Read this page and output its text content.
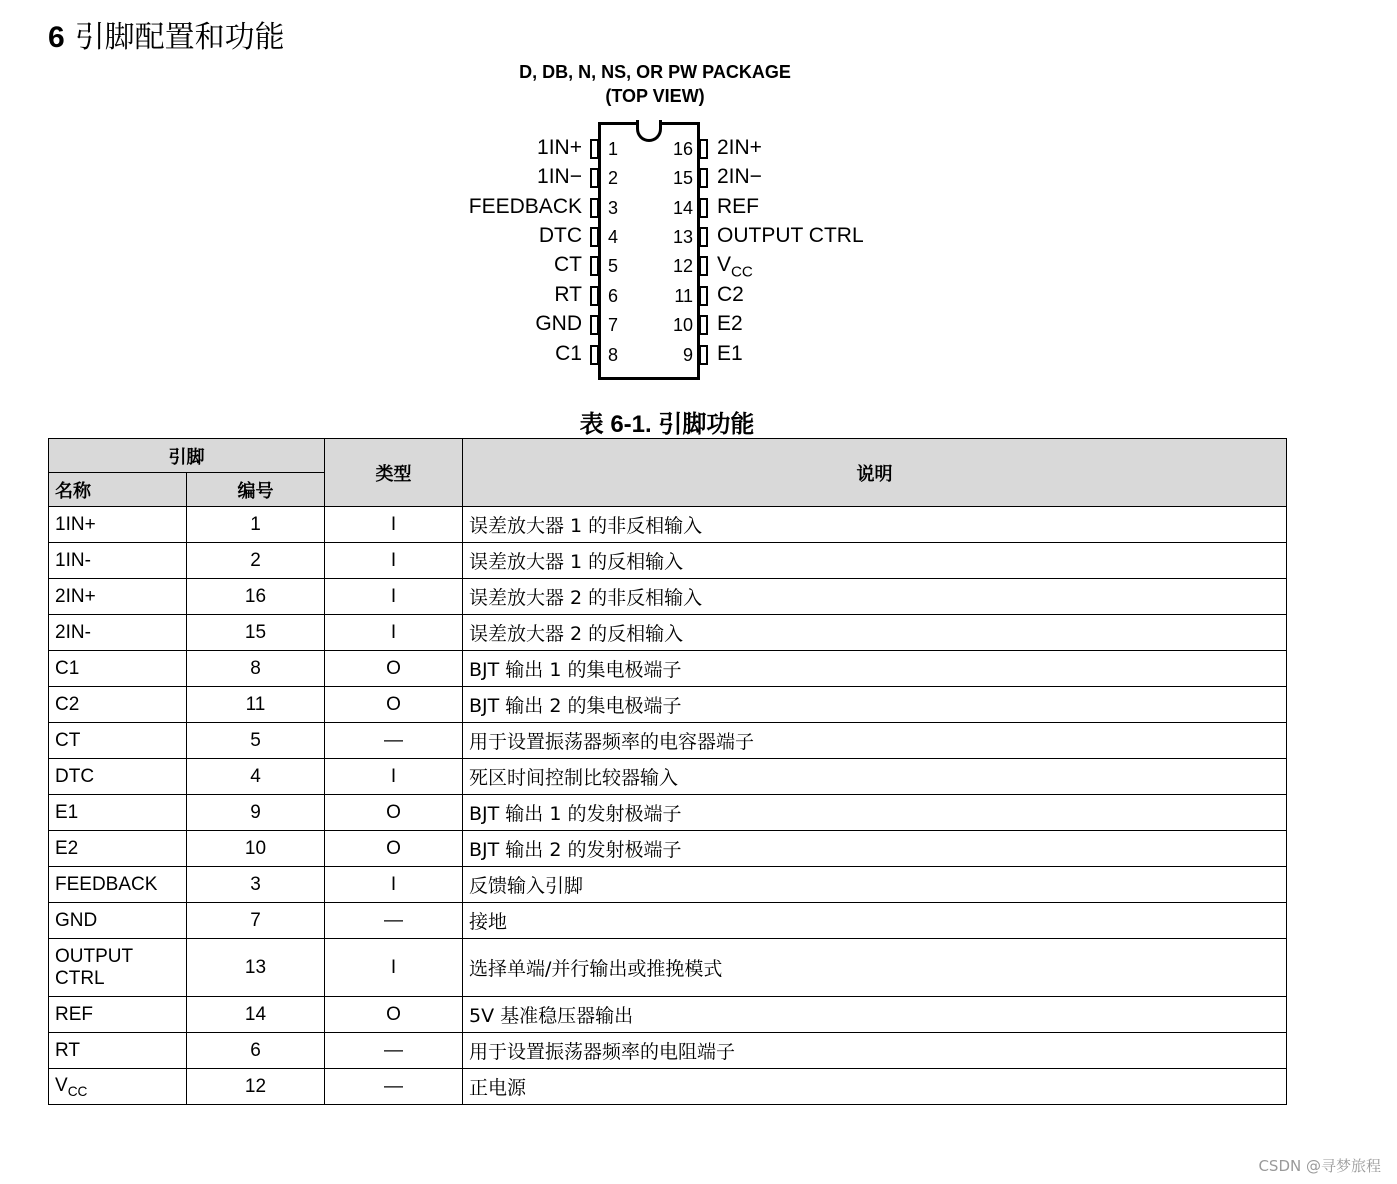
6 引脚配置和功能
D, DB, N, NS, OR PW PACKAGE
(TOP VIEW)
1IN+ 1
1IN− 2
FEEDBACK 3
DTC 4
CT 5
RT 6
GND 7
C1 8
2IN+
16
2IN−
15
REF
14
OUTPUT CTRL
13
$V_{CC}$
12
C2
11
E2
10
E1
9
表 6-1. 引脚功能
引脚		类型	说明
名称	编号		
1IN+	1	I	误差放大器 1 的非反相输入
1IN-	2	I	误差放大器 1 的反相输入
2IN+	16	I	误差放大器 2 的非反相输入
2IN-	15	I	误差放大器 2 的反相输入
C1	8	O	BJT 输出 1 的集电极端子
C2	11	O	BJT 输出 2 的集电极端子
CT	5	—	用于设置振荡器频率的电容器端子
DTC	4	I	死区时间控制比较器输入
E1	9	O	BJT 输出 1 的发射极端子
E2	10	O	BJT 输出 2 的发射极端子
FEEDBACK	3	I	反馈输入引脚
GND	7	—	接地
OUTPUT CTRL	13	I	选择单端/并行输出或推挽模式
REF	14	O	5V 基准稳压器输出
RT	6	—	用于设置振荡器频率的电阻端子
$V_{CC}$	12	—	正电源
CSDN @寻梦旅程
